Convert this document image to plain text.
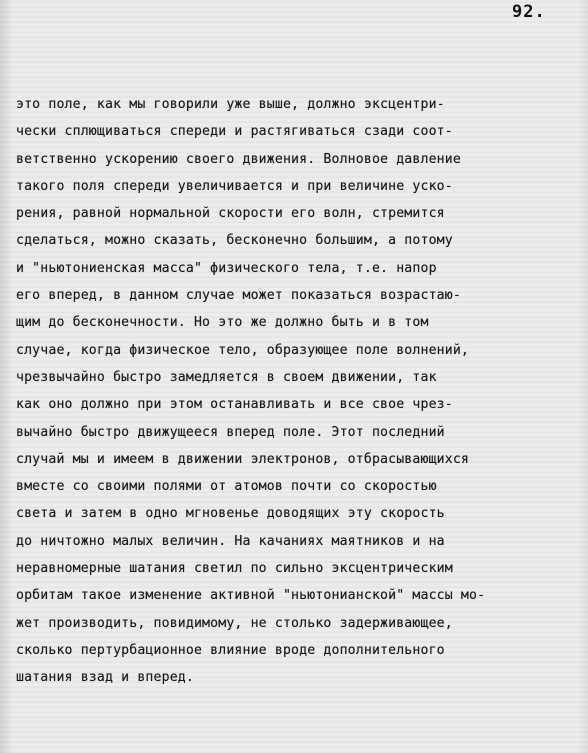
92.

это поле, как мы говорили уже выше, должно эксцентри-
чески сплющиваться спереди и растягиваться сзади соот-
ветственно ускорению своего движения. Волновое давление
такого поля спереди увеличивается и при величине уско-
рения, равной нормальной скорости его волн, стремится
сделаться, можно сказать, бесконечно большим, а потому
и "ньютониенская масса" физического тела, т.е. напор
его вперед, в данном случае может показаться возрастаю-
щим до бесконечности. Но это же должно быть и в том
случае, когда физическое тело, образующее поле волнений,
чрезвычайно быстро замедляется в своем движении, так
как оно должно при этом останавливать и все свое чрез-
вычайно быстро движущееся вперед поле. Этот последний
случай мы и имеем в движении электронов, отбрасывающихся
вместе со своими полями от атомов почти со скоростью
света и затем в одно мгновенье доводящих эту скорость
до ничтожно малых величин. На качаниях маятников и на
неравномерные шатания светил по сильно эксцентрическим
орбитам такое изменение активной "ньютонианской" массы мо-
жет производить, повидимому, не столько задерживающее,
сколько пертурбационное влияние вроде дополнительного
шатания взад и вперед.
